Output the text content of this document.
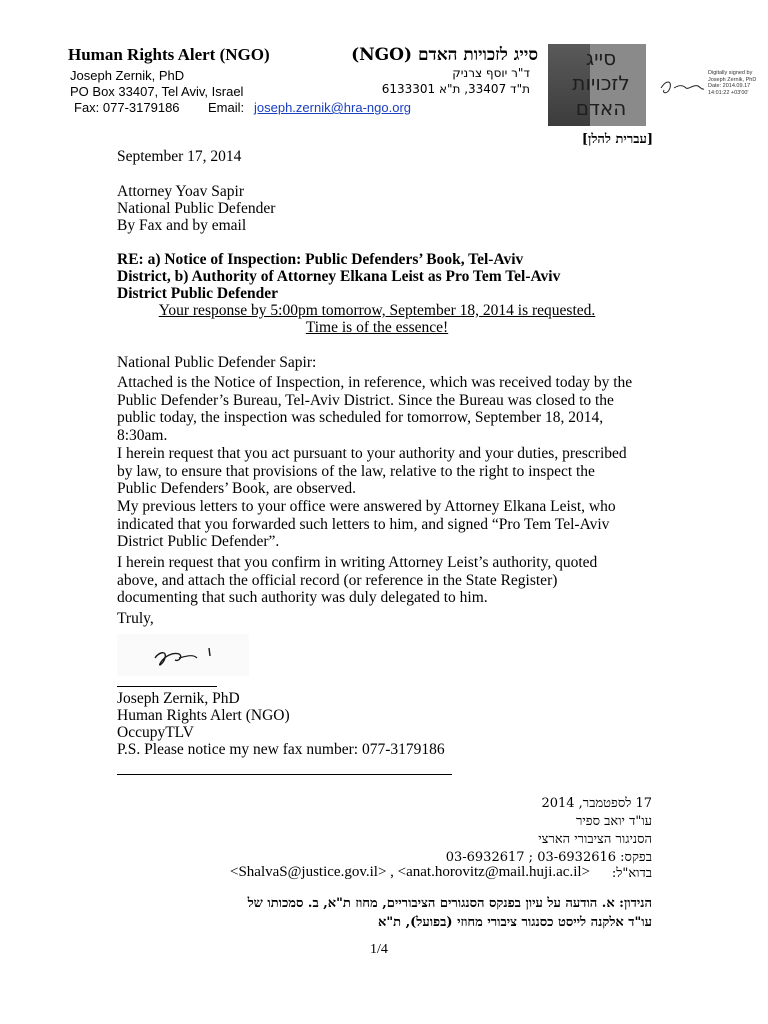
Human Rights Alert (NGO)	(NGO) סייג לזכויות האדם
Joseph Zernik, PhD	ד"ר יוסף צרניק
PO Box 33407, Tel Aviv, Israel	ת"ד 33407, ת"א 6133301
Fax: 077-3179186 Email: joseph.zernik@hra-ngo.org
סייג לזכויות האדם
Digitally signed by Joseph Zernik, PhD Date: 2014.09.17 14:01:22 +03'00'
[עברית להלן]
September 17, 2014
Attorney Yoav Sapir
National Public Defender
By Fax and by email
RE: a) Notice of Inspection: Public Defenders’ Book, Tel-Aviv
District, b) Authority of Attorney Elkana Leist as Pro Tem Tel-Aviv
District Public Defender
Your response by 5:00pm tomorrow, September 18, 2014 is requested.
Time is of the essence!
National Public Defender Sapir:
Attached is the Notice of Inspection, in reference, which was received today by the Public Defender’s Bureau, Tel-Aviv District. Since the Bureau was closed to the public today, the inspection was scheduled for tomorrow, September 18, 2014, 8:30am.
I herein request that you act pursuant to your authority and your duties, prescribed by law, to ensure that provisions of the law, relative to the right to inspect the Public Defenders’ Book, are observed.
My previous letters to your office were answered by Attorney Elkana Leist, who indicated that you forwarded such letters to him, and signed “Pro Tem Tel-Aviv District Public Defender”.
I herein request that you confirm in writing Attorney Leist’s authority, quoted above, and attach the official record (or reference in the State Register) documenting that such authority was duly delegated to him.
Truly,
Joseph Zernik, PhD
Human Rights Alert (NGO)
OccupyTLV
P.S. Please notice my new fax number: 077-3179186
17 לספטמבר, 2014
עו"ד יואב ספיר
הסניגור הציבורי הארצי
בפקס: 03-6932616 ; 03-6932617
בדוא"ל:
<ShalvaS@justice.gov.il> , <anat.horovitz@mail.huji.ac.il>
הנידון: א. הודעה על עיון בפנקס הסנגורים הציבוריים, מחוז ת"א, ב. סמכותו של
עו"ד אלקנה לייסט כסנגור ציבורי מחוזי (בפועל), ת"א
1/4
